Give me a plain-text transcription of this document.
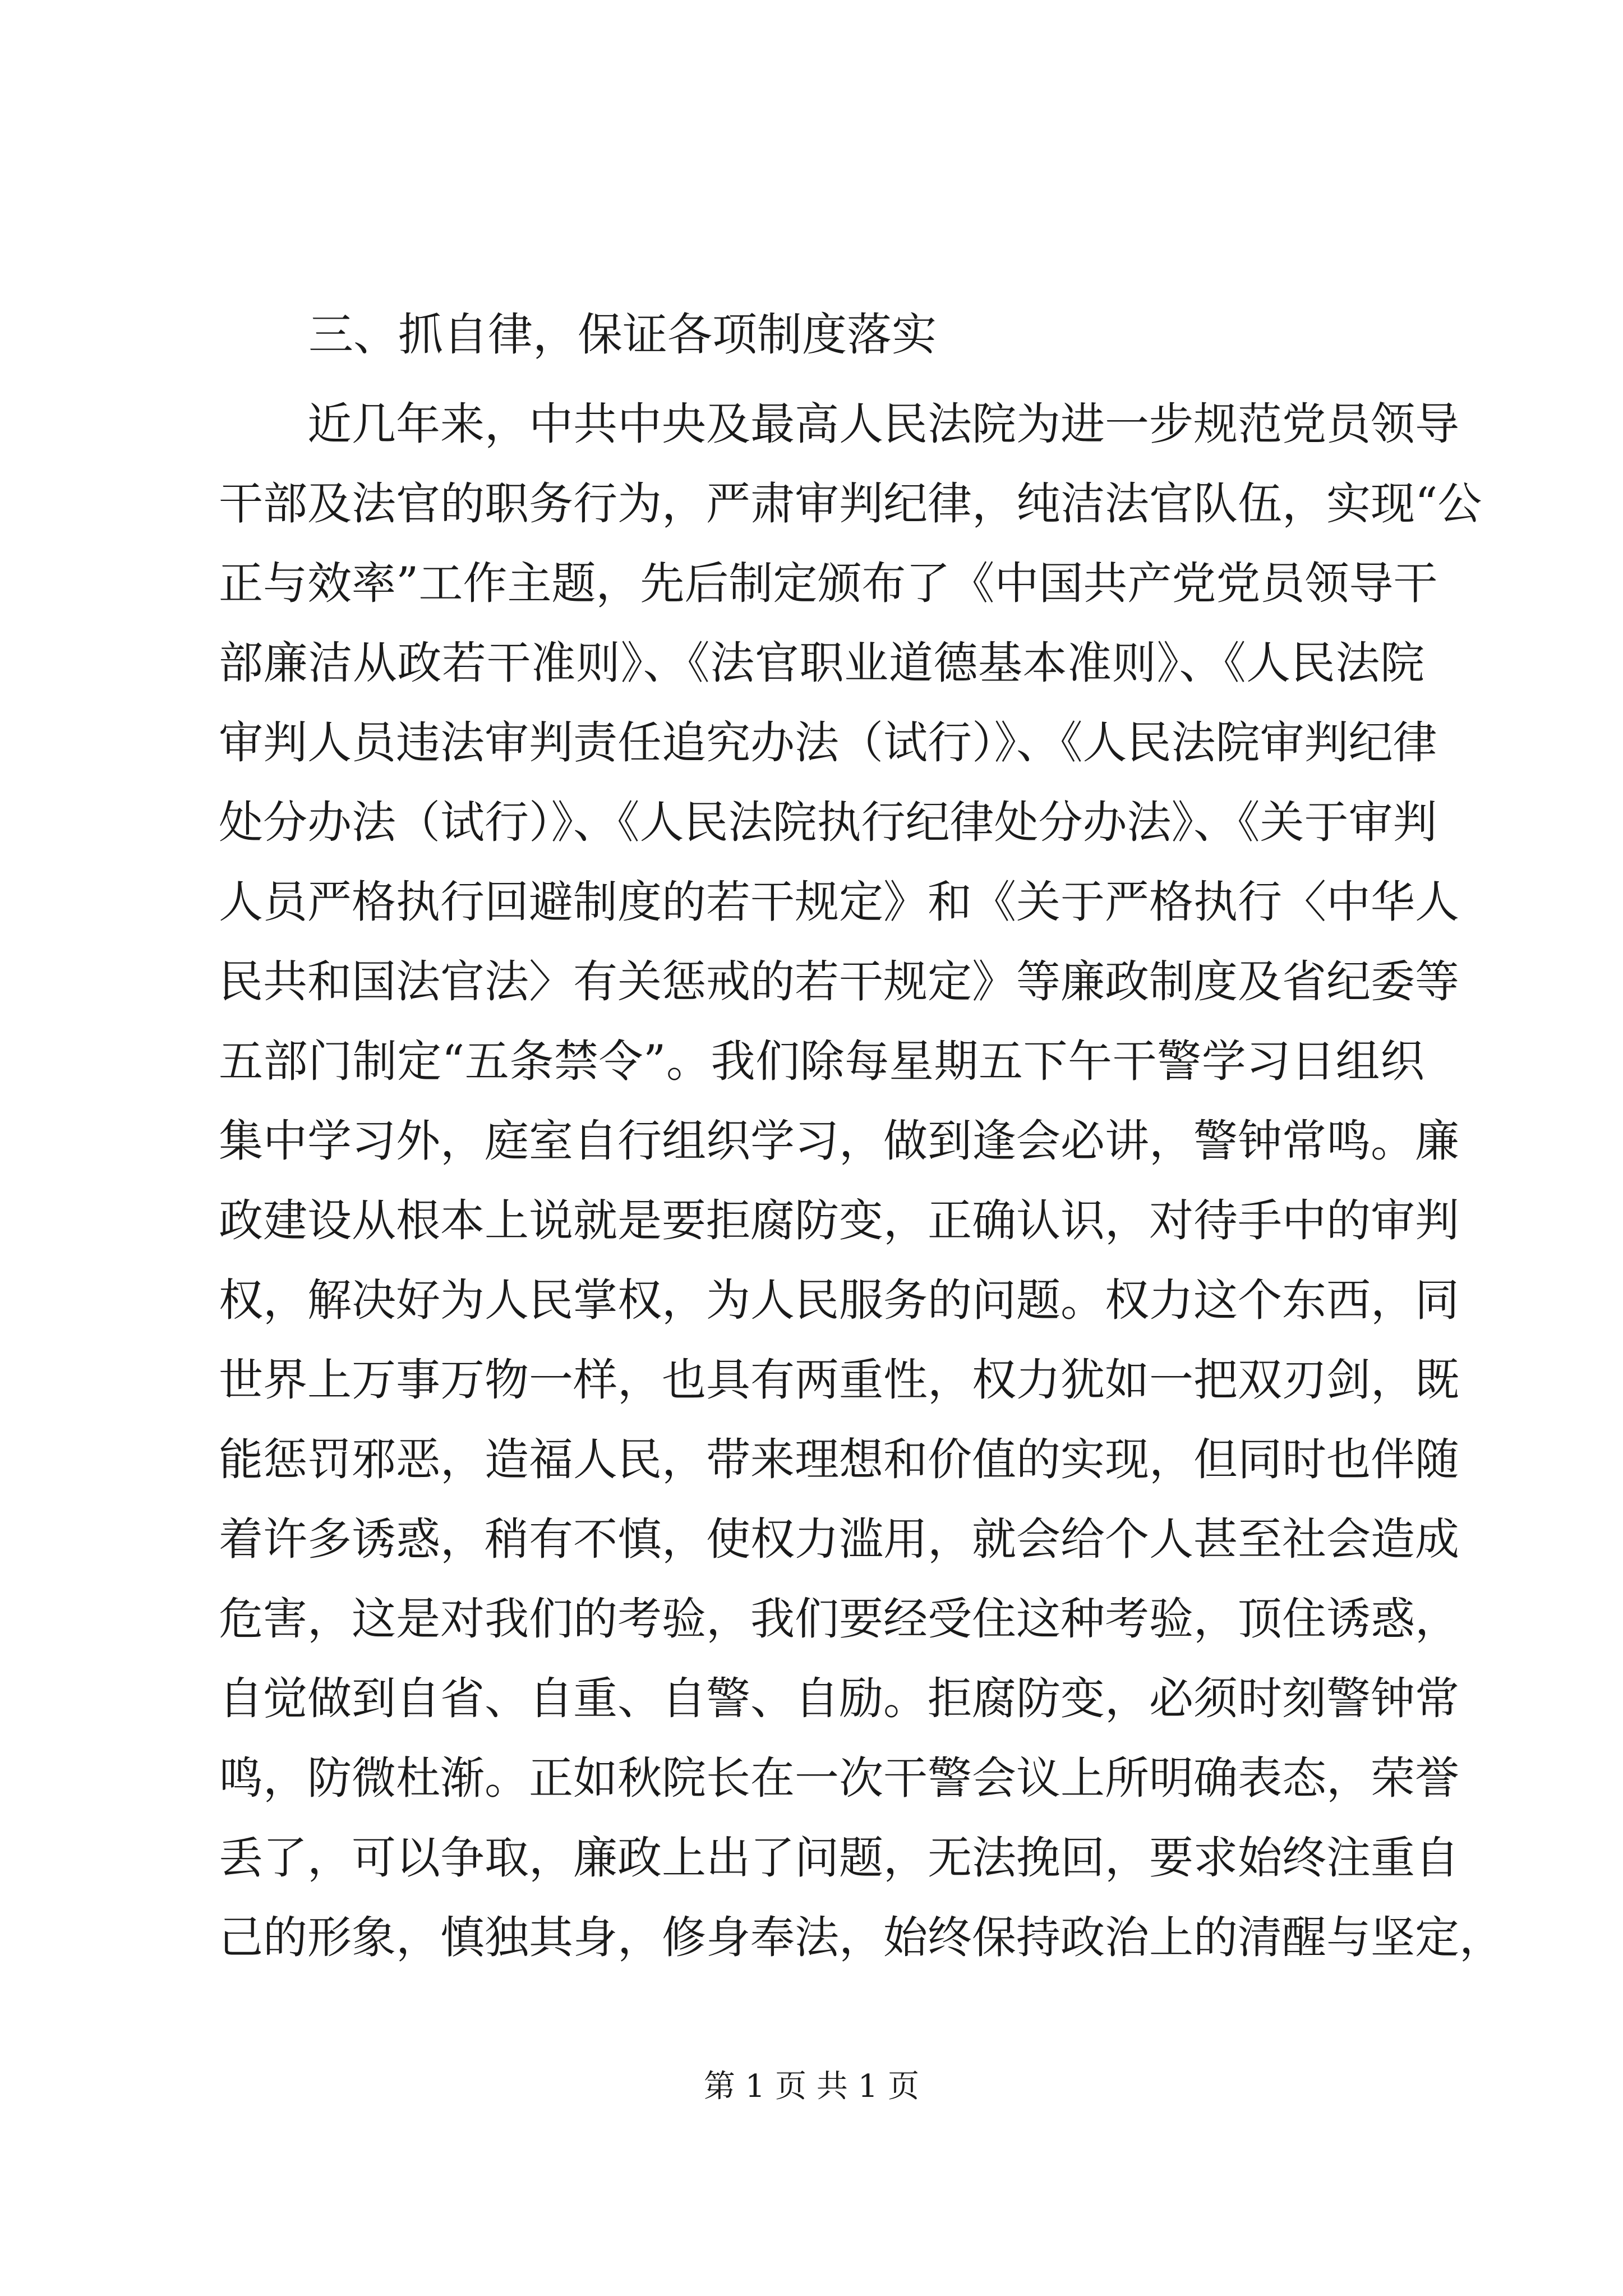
三、抓自律，保证各项制度落实
近几年来，中共中央及最高人民法院为进一步规范党员领导
干部及法官的职务行为，严肃审判纪律，纯洁法官队伍，实现“公
正与效率”工作主题，先后制定颁布了《中国共产党党员领导干
部廉洁从政若干准则》、《法官职业道德基本准则》、《人民法院
审判人员违法审判责任追究办法（试行）》、《人民法院审判纪律
处分办法（试行）》、《人民法院执行纪律处分办法》、《关于审判
人员严格执行回避制度的若干规定》和《关于严格执行〈中华人
民共和国法官法〉有关惩戒的若干规定》等廉政制度及省纪委等
五部门制定“五条禁令”。我们除每星期五下午干警学习日组织
集中学习外，庭室自行组织学习，做到逢会必讲，警钟常鸣。廉
政建设从根本上说就是要拒腐防变，正确认识，对待手中的审判
权，解决好为人民掌权，为人民服务的问题。权力这个东西，同
世界上万事万物一样，也具有两重性，权力犹如一把双刃剑，既
能惩罚邪恶，造福人民，带来理想和价值的实现，但同时也伴随
着许多诱惑，稍有不慎，使权力滥用，就会给个人甚至社会造成
危害，这是对我们的考验，我们要经受住这种考验，顶住诱惑，
自觉做到自省、自重、自警、自励。拒腐防变，必须时刻警钟常
鸣，防微杜渐。正如秋院长在一次干警会议上所明确表态，荣誉
丢了，可以争取，廉政上出了问题，无法挽回，要求始终注重自
己的形象，慎独其身，修身奉法，始终保持政治上的清醒与坚定，
第 1 页 共 1 页
